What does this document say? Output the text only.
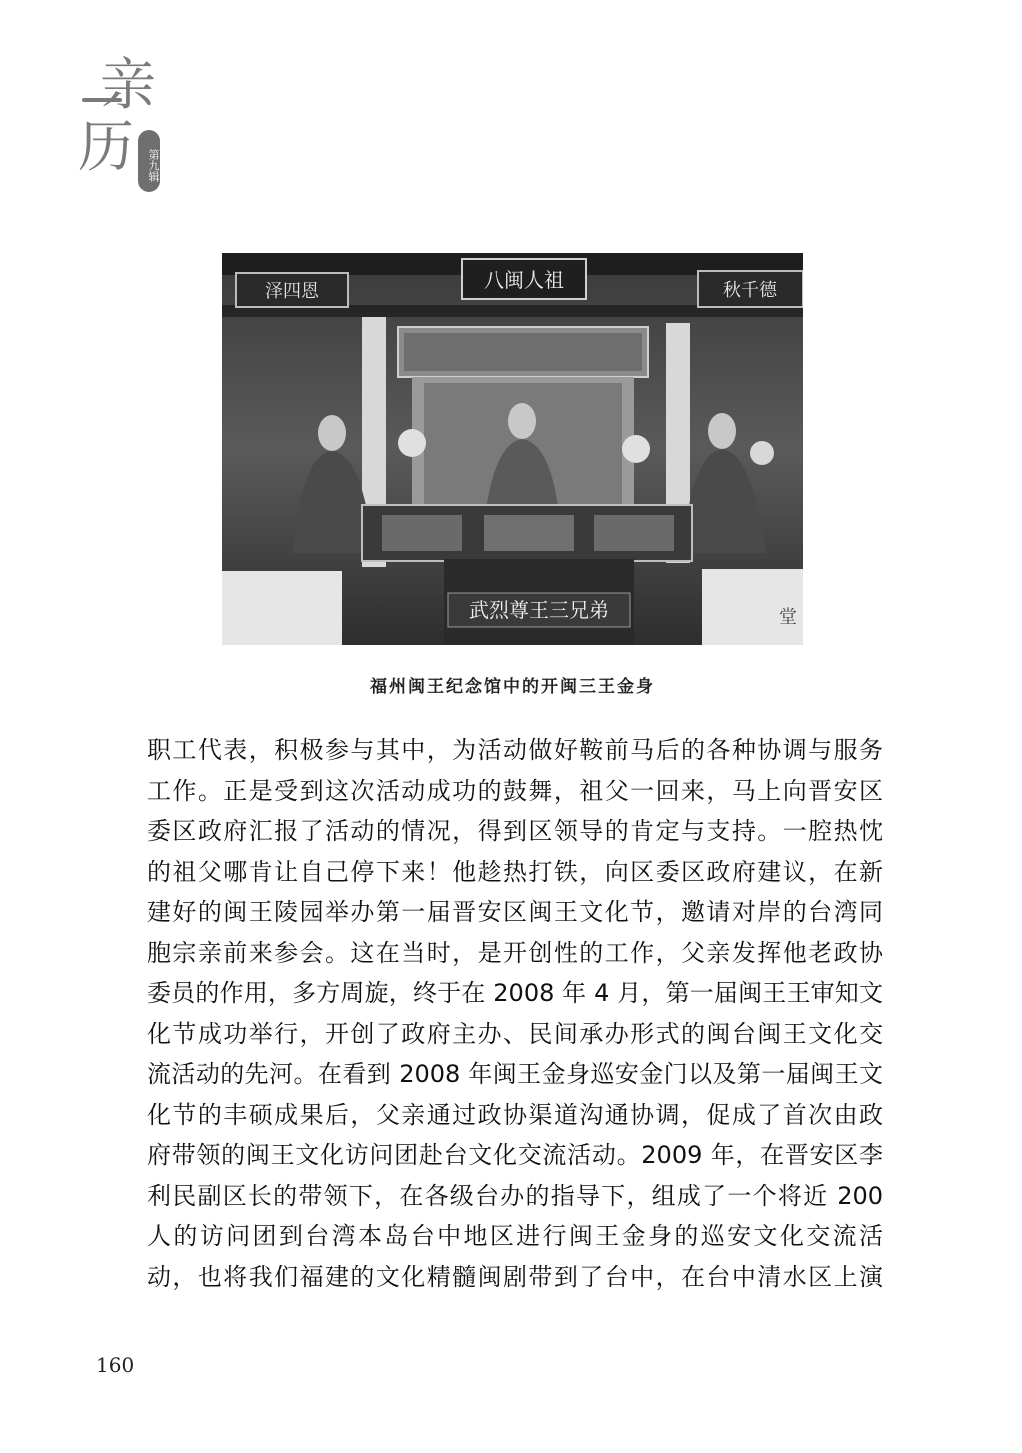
亲
历	第九辑
泽四恩	八闽人祖	秋千德
堂
武烈尊王三兄弟
福州闽王纪念馆中的开闽三王金身
职工代表，积极参与其中，为活动做好鞍前马后的各种协调与服务
工作。正是受到这次活动成功的鼓舞，祖父一回来，马上向晋安区
委区政府汇报了活动的情况，得到区领导的肯定与支持。一腔热忱
的祖父哪肯让自己停下来！他趁热打铁，向区委区政府建议，在新
建好的闽王陵园举办第一届晋安区闽王文化节，邀请对岸的台湾同
胞宗亲前来参会。这在当时，是开创性的工作，父亲发挥他老政协
委员的作用，多方周旋，终于在 2008 年 4 月，第一届闽王王审知文
化节成功举行，开创了政府主办、民间承办形式的闽台闽王文化交
流活动的先河。在看到 2008 年闽王金身巡安金门以及第一届闽王文
化节的丰硕成果后，父亲通过政协渠道沟通协调，促成了首次由政
府带领的闽王文化访问团赴台文化交流活动。2009 年，在晋安区李
利民副区长的带领下，在各级台办的指导下，组成了一个将近 200
人的访问团到台湾本岛台中地区进行闽王金身的巡安文化交流活
动，也将我们福建的文化精髓闽剧带到了台中，在台中清水区上演
160
